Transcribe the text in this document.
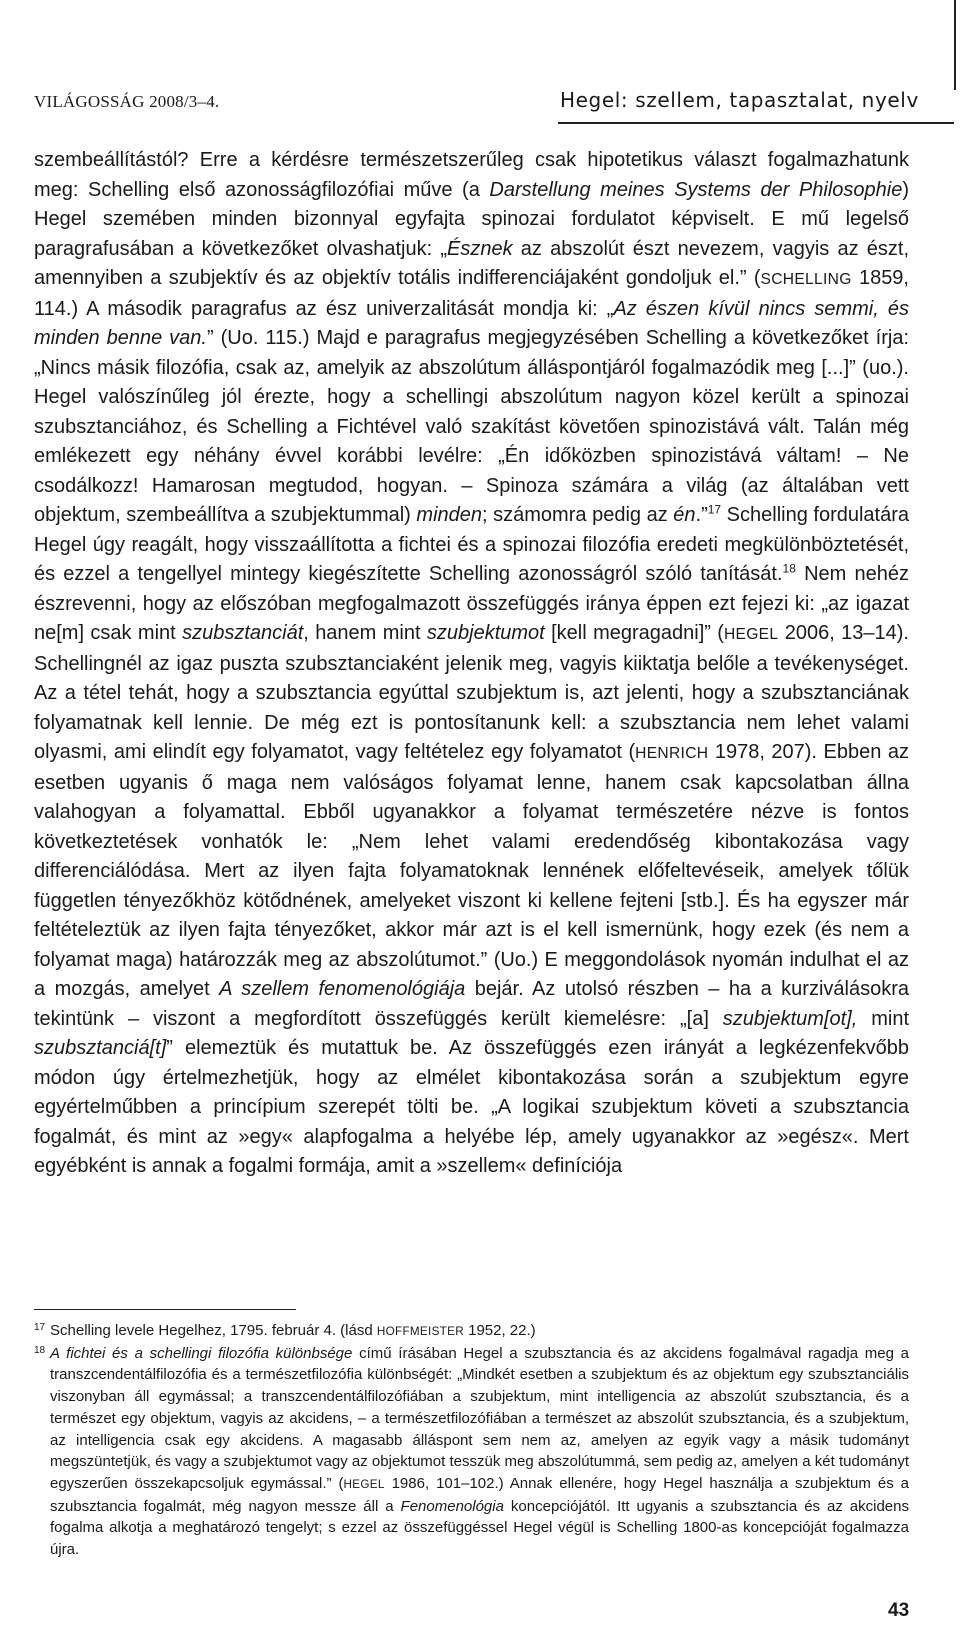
VILÁGOSSÁG 2008/3–4.	Hegel: szellem, tapasztalat, nyelv

szembeállítástól? Erre a kérdésre természetszerűleg csak hipotetikus választ fogalmazhatunk meg: Schelling első azonosságfilozófiai műve (a Darstellung meines Systems der Philosophie) Hegel szemében minden bizonnyal egyfajta spinozai fordulatot képviselt. E mű legelső paragrafusában a következőket olvashatjuk: „Észnek az abszolút észt nevezem, vagyis az észt, amennyiben a szubjektív és az objektív totális indifferenciájaként gondoljuk el.” (SCHELLING 1859, 114.) A második paragrafus az ész univerzalitását mondja ki: „Az észen kívül nincs semmi, és minden benne van.” (Uo. 115.) Majd e paragrafus megjegyzésében Schelling a következőket írja: „Nincs másik filozófia, csak az, amelyik az abszolútum álláspontjáról fogalmazódik meg [...]” (uo.). Hegel valószínűleg jól érezte, hogy a schellingi abszolútum nagyon közel került a spinozai szubsztanciához, és Schelling a Fichtével való szakítást követően spinozistává vált. Talán még emlékezett egy néhány évvel korábbi levélre: „Én időközben spinozistává váltam! – Ne csodálkozz! Hamarosan megtudod, hogyan. – Spinoza számára a világ (az általában vett objektum, szembeállítva a szubjektummal) minden; számomra pedig az én.”$^{17}$ Schelling fordulatára Hegel úgy reagált, hogy visszaállította a fichtei és a spinozai filozófia eredeti megkülönböztetését, és ezzel a tengellyel mintegy kiegészítette Schelling azonosságról szóló tanítását.$^{18}$ Nem nehéz észrevenni, hogy az előszóban megfogalmazott összefüggés iránya éppen ezt fejezi ki: „az igazat ne[m] csak mint szubsztanciát, hanem mint szubjektumot [kell megragadni]” (HEGEL 2006, 13–14). Schellingnél az igaz puszta szubsztanciaként jelenik meg, vagyis kiiktatja belőle a tevékenységet. Az a tétel tehát, hogy a szubsztancia egyúttal szubjektum is, azt jelenti, hogy a szubsztanciának folyamatnak kell lennie. De még ezt is pontosítanunk kell: a szubsztancia nem lehet valami olyasmi, ami elindít egy folyamatot, vagy feltételez egy folyamatot (HENRICH 1978, 207). Ebben az esetben ugyanis ő maga nem valóságos folyamat lenne, hanem csak kapcsolatban állna valahogyan a folyamattal. Ebből ugyanakkor a folyamat természetére nézve is fontos következtetések vonhatók le: „Nem lehet valami eredendőség kibontakozása vagy differenciálódása. Mert az ilyen fajta folyamatoknak lennének előfeltevéseik, amelyek tőlük független tényezőkhöz kötődnének, amelyeket viszont ki kellene fejteni [stb.]. És ha egyszer már feltételeztük az ilyen fajta tényezőket, akkor már azt is el kell ismernünk, hogy ezek (és nem a folyamat maga) határozzák meg az abszolútumot.” (Uo.) E meggondolások nyomán indulhat el az a mozgás, amelyet A szellem fenomenológiája bejár. Az utolsó részben – ha a kurziválásokra tekintünk – viszont a megfordított összefüggés került kiemelésre: „[a] szubjektum[ot], mint szubsztanciá[t]” elemeztük és mutattuk be. Az összefüggés ezen irányát a legkézenfekvőbb módon úgy értelmezhetjük, hogy az elmélet kibontakozása során a szubjektum egyre egyértelműbben a princípium szerepét tölti be. „A logikai szubjektum követi a szubsztancia fogalmát, és mint az »egy« alapfogalma a helyébe lép, amely ugyanakkor az »egész«. Mert egyébként is annak a fogalmi formája, amit a »szellem« definíciója

17 Schelling levele Hegelhez, 1795. február 4. (lásd HOFFMEISTER 1952, 22.)

18 A fichtei és a schellingi filozófia különbsége című írásában Hegel a szubsztancia és az akcidens fogalmával ragadja meg a transzcendentálfilozófia és a természetfilozófia különbségét: „Mindkét esetben a szubjektum és az objektum egy szubsztanciális viszonyban áll egymással; a transzcendentálfilozófiában a szubjektum, mint intelligencia az abszolút szubsztancia, és a természet egy objektum, vagyis az akcidens, – a természetfilozófiában a természet az abszolút szubsztancia, és a szubjektum, az intelligencia csak egy akcidens. A magasabb álláspont sem nem az, amelyen az egyik vagy a másik tudományt megszüntetjük, és vagy a szubjektumot vagy az objektumot tesszük meg abszolútummá, sem pedig az, amelyen a két tudományt egyszerűen összekapcsoljuk egymással.” (HEGEL 1986, 101–102.) Annak ellenére, hogy Hegel használja a szubjektum és a szubsztancia fogalmát, még nagyon messze áll a Fenomenológia koncepciójától. Itt ugyanis a szubsztancia és az akcidens fogalma alkotja a meghatározó tengelyt; s ezzel az összefüggéssel Hegel végül is Schelling 1800-as koncepcióját fogalmazza újra.

43
